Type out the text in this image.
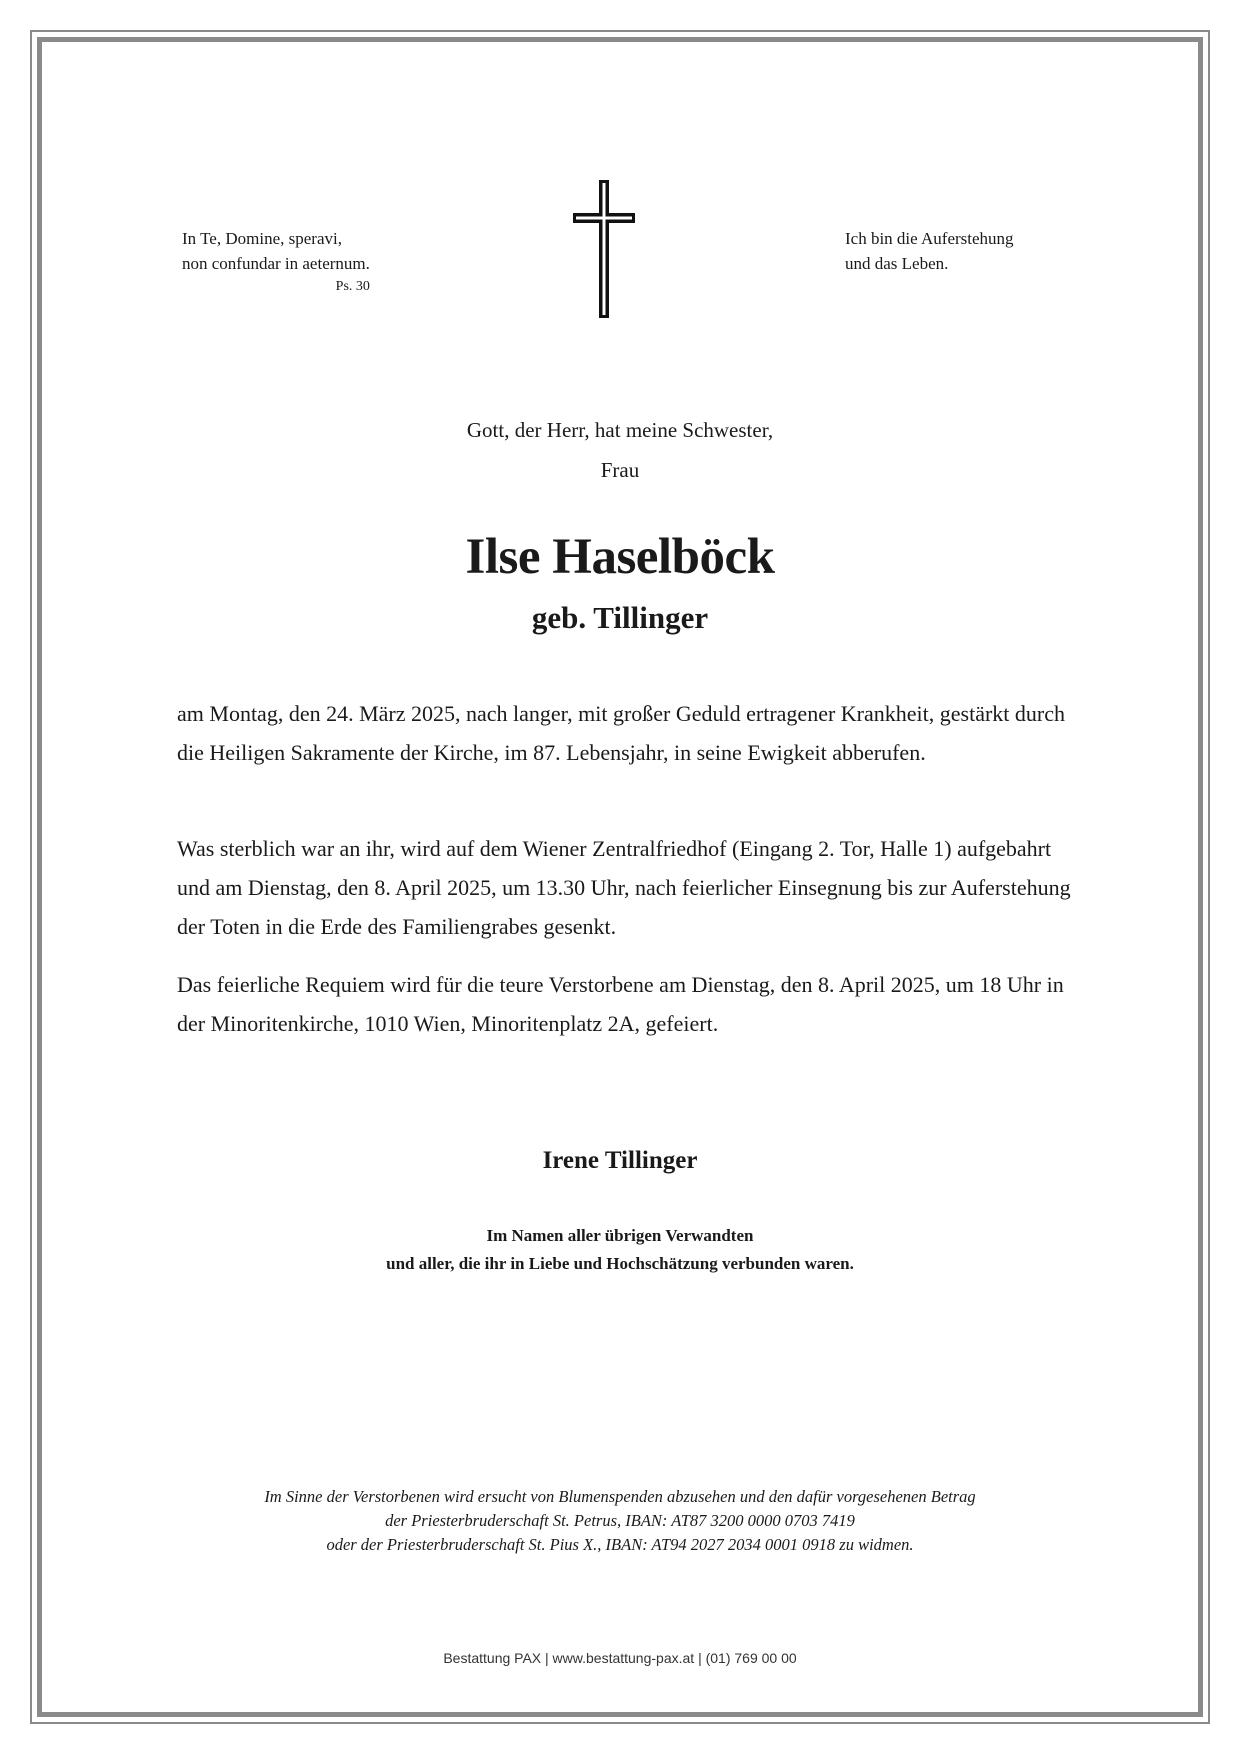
In Te, Domine, speravi,
non confundar in aeternum.
Ps. 30
Ich bin die Auferstehung
und das Leben.
Gott, der Herr, hat meine Schwester,
Frau
Ilse Haselböck
geb. Tillinger
am Montag, den 24. März 2025, nach langer, mit großer Geduld ertragener Krankheit, gestärkt durch die Heiligen Sakramente der Kirche, im 87. Lebensjahr, in seine Ewigkeit abberufen.
Was sterblich war an ihr, wird auf dem Wiener Zentralfriedhof (Eingang 2. Tor, Halle 1) aufgebahrt und am Dienstag, den 8. April 2025, um 13.30 Uhr, nach feierlicher Einsegnung bis zur Auferstehung der Toten in die Erde des Familiengrabes gesenkt.
Das feierliche Requiem wird für die teure Verstorbene am Dienstag, den 8. April 2025, um 18 Uhr in der Minoritenkirche, 1010 Wien, Minoritenplatz 2A, gefeiert.
Irene Tillinger
Im Namen aller übrigen Verwandten
und aller, die ihr in Liebe und Hochschätzung verbunden waren.
Im Sinne der Verstorbenen wird ersucht von Blumenspenden abzusehen und den dafür vorgesehenen Betrag
der Priesterbruderschaft St. Petrus, IBAN: AT87 3200 0000 0703 7419
oder der Priesterbruderschaft St. Pius X., IBAN: AT94 2027 2034 0001 0918 zu widmen.
Bestattung PAX | www.bestattung-pax.at | (01) 769 00 00
